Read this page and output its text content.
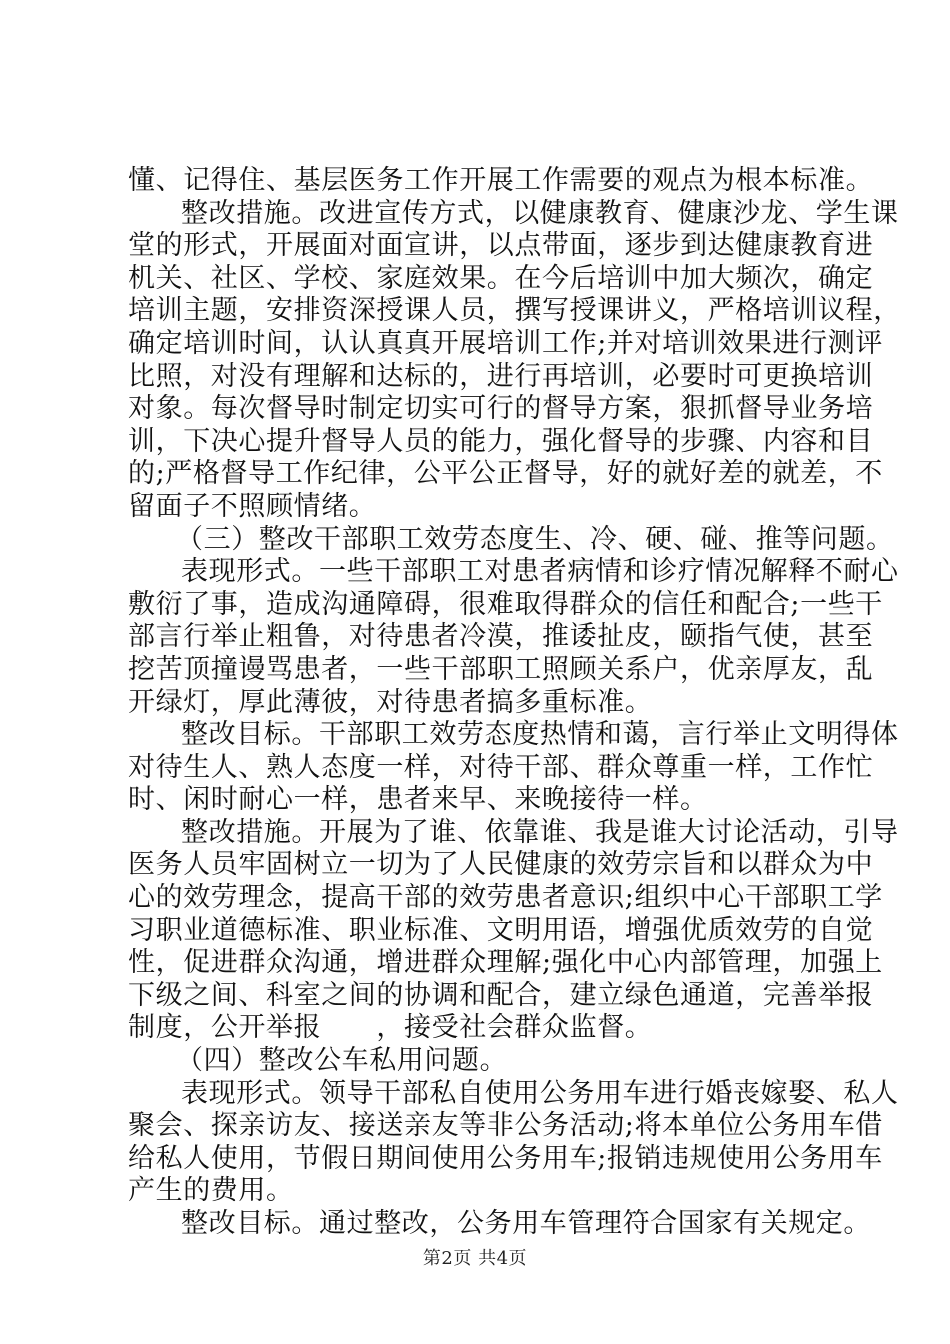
懂、记得住、基层医务工作开展工作需要的观点为根本标准。
整改措施。改进宣传方式，以健康教育、健康沙龙、学生课
堂的形式，开展面对面宣讲，以点带面，逐步到达健康教育进
机关、社区、学校、家庭效果。在今后培训中加大频次，确定
培训主题，安排资深授课人员，撰写授课讲义，严格培训议程，
确定培训时间，认认真真开展培训工作;并对培训效果进行测评
比照，对没有理解和达标的，进行再培训，必要时可更换培训
对象。每次督导时制定切实可行的督导方案，狠抓督导业务培
训，下决心提升督导人员的能力，强化督导的步骤、内容和目
的;严格督导工作纪律，公平公正督导，好的就好差的就差，不
留面子不照顾情绪。
（三）整改干部职工效劳态度生、冷、硬、碰、推等问题。
表现形式。一些干部职工对患者病情和诊疗情况解释不耐心
敷衍了事，造成沟通障碍，很难取得群众的信任和配合;一些干
部言行举止粗鲁，对待患者冷漠，推诿扯皮，颐指气使，甚至
挖苦顶撞谩骂患者，一些干部职工照顾关系户，优亲厚友，乱
开绿灯，厚此薄彼，对待患者搞多重标准。
整改目标。干部职工效劳态度热情和蔼，言行举止文明得体
对待生人、熟人态度一样，对待干部、群众尊重一样，工作忙
时、闲时耐心一样，患者来早、来晚接待一样。
整改措施。开展为了谁、依靠谁、我是谁大讨论活动，引导
医务人员牢固树立一切为了人民健康的效劳宗旨和以群众为中
心的效劳理念，提高干部的效劳患者意识;组织中心干部职工学
习职业道德标准、职业标准、文明用语，增强优质效劳的自觉
性，促进群众沟通，增进群众理解;强化中心内部管理，加强上
下级之间、科室之间的协调和配合，建立绿色通道，完善举报
制度，公开举报　　，接受社会群众监督。
（四）整改公车私用问题。
表现形式。领导干部私自使用公务用车进行婚丧嫁娶、私人
聚会、探亲访友、接送亲友等非公务活动;将本单位公务用车借
给私人使用，节假日期间使用公务用车;报销违规使用公务用车
产生的费用。
整改目标。通过整改，公务用车管理符合国家有关规定。
第2页 共4页
